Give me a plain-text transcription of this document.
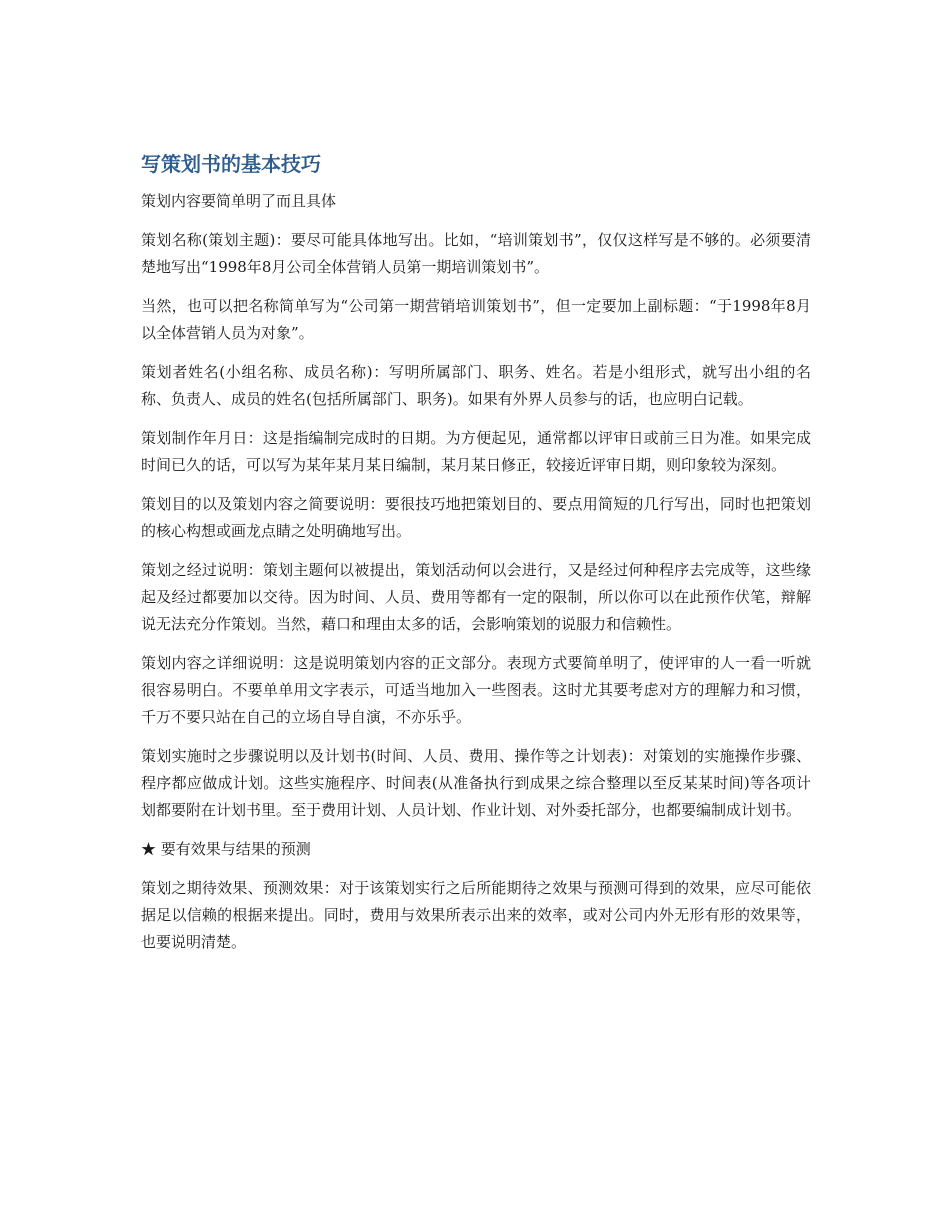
写策划书的基本技巧

策划内容要简单明了而且具体

策划名称(策划主题)：要尽可能具体地写出。比如，“培训策划书”，仅仅这样写是不够的。必须要清楚地写出“1998年8月公司全体营销人员第一期培训策划书”。

当然，也可以把名称简单写为“公司第一期营销培训策划书”，但一定要加上副标题：“于1998年8月以全体营销人员为对象”。

策划者姓名(小组名称、成员名称)：写明所属部门、职务、姓名。若是小组形式，就写出小组的名称、负责人、成员的姓名(包括所属部门、职务)。如果有外界人员参与的话，也应明白记载。

策划制作年月日：这是指编制完成时的日期。为方便起见，通常都以评审日或前三日为准。如果完成时间已久的话，可以写为某年某月某日编制，某月某日修正，较接近评审日期，则印象较为深刻。

策划目的以及策划内容之简要说明：要很技巧地把策划目的、要点用简短的几行写出，同时也把策划的核心构想或画龙点睛之处明确地写出。

策划之经过说明：策划主题何以被提出，策划活动何以会进行，又是经过何种程序去完成等，这些缘起及经过都要加以交待。因为时间、人员、费用等都有一定的限制，所以你可以在此预作伏笔，辩解说无法充分作策划。当然，藉口和理由太多的话，会影响策划的说服力和信赖性。

策划内容之详细说明：这是说明策划内容的正文部分。表现方式要简单明了，使评审的人一看一听就很容易明白。不要单单用文字表示，可适当地加入一些图表。这时尤其要考虑对方的理解力和习惯，千万不要只站在自己的立场自导自演，不亦乐乎。

策划实施时之步骤说明以及计划书(时间、人员、费用、操作等之计划表)：对策划的实施操作步骤、程序都应做成计划。这些实施程序、时间表(从准备执行到成果之综合整理以至反某某时间)等各项计划都要附在计划书里。至于费用计划、人员计划、作业计划、对外委托部分，也都要编制成计划书。

★ 要有效果与结果的预测

策划之期待效果、预测效果：对于该策划实行之后所能期待之效果与预测可得到的效果，应尽可能依据足以信赖的根据来提出。同时，费用与效果所表示出来的效率，或对公司内外无形有形的效果等，也要说明清楚。
